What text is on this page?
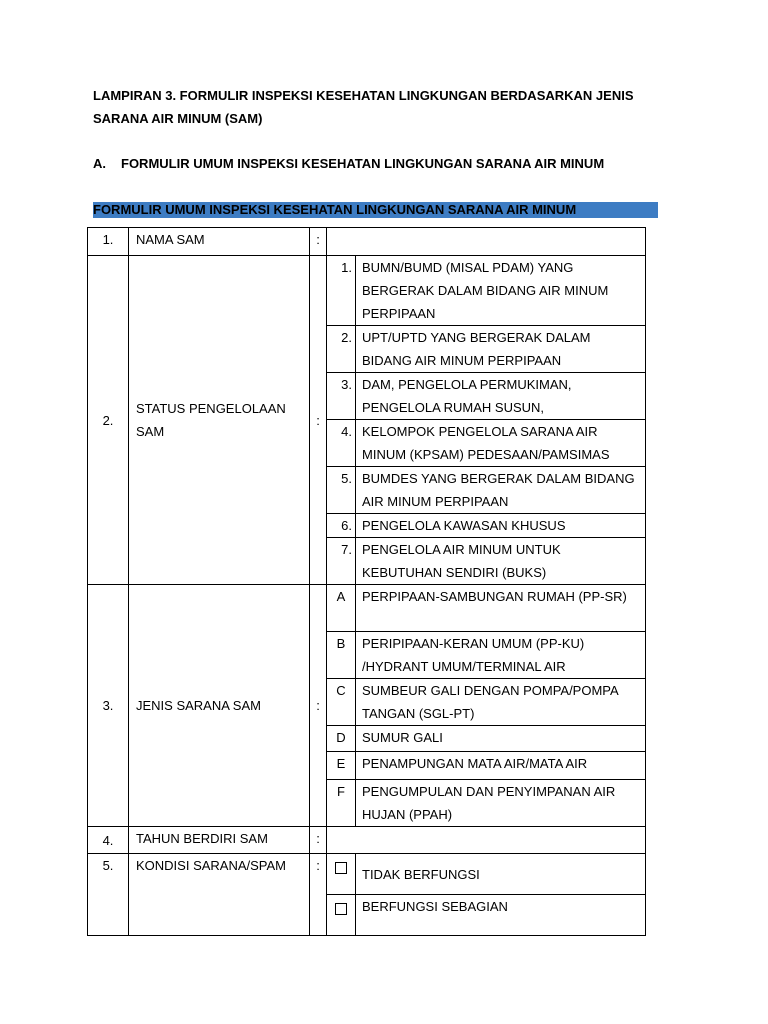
LAMPIRAN 3. FORMULIR INSPEKSI KESEHATAN LINGKUNGAN BERDASARKAN JENIS SARANA AIR MINUM (SAM)
A. FORMULIR UMUM INSPEKSI KESEHATAN LINGKUNGAN SARANA AIR MINUM
FORMULIR UMUM INSPEKSI KESEHATAN LINGKUNGAN SARANA AIR MINUM
1.	NAMA SAM	:		
2.	STATUS PENGELOLAAN SAM	:	1.	BUMN/BUMD (MISAL PDAM) YANG BERGERAK DALAM BIDANG AIR MINUM PERPIPAAN
			2.	UPT/UPTD YANG BERGERAK DALAM BIDANG AIR MINUM PERPIPAAN
			3.	DAM, PENGELOLA PERMUKIMAN, PENGELOLA RUMAH SUSUN,
			4.	KELOMPOK PENGELOLA SARANA AIR MINUM (KPSAM) PEDESAAN/PAMSIMAS
			5.	BUMDES YANG BERGERAK DALAM BIDANG AIR MINUM PERPIPAAN
			6.	PENGELOLA KAWASAN KHUSUS
			7.	PENGELOLA AIR MINUM UNTUK KEBUTUHAN SENDIRI (BUKS)
3.	JENIS SARANA SAM	:	A	PERPIPAAN-SAMBUNGAN RUMAH (PP-SR)
			B	PERIPIPAAN-KERAN UMUM (PP-KU) /HYDRANT UMUM/TERMINAL AIR
			C	SUMBEUR GALI DENGAN POMPA/POMPA TANGAN (SGL-PT)
			D	SUMUR GALI
			E	PENAMPUNGAN MATA AIR/MATA AIR
			F	PENGUMPULAN DAN PENYIMPANAN AIR HUJAN (PPAH)
4.	TAHUN BERDIRI SAM	:		
5.	KONDISI SARANA/SPAM	:		TIDAK BERFUNGSI
				BERFUNGSI SEBAGIAN
